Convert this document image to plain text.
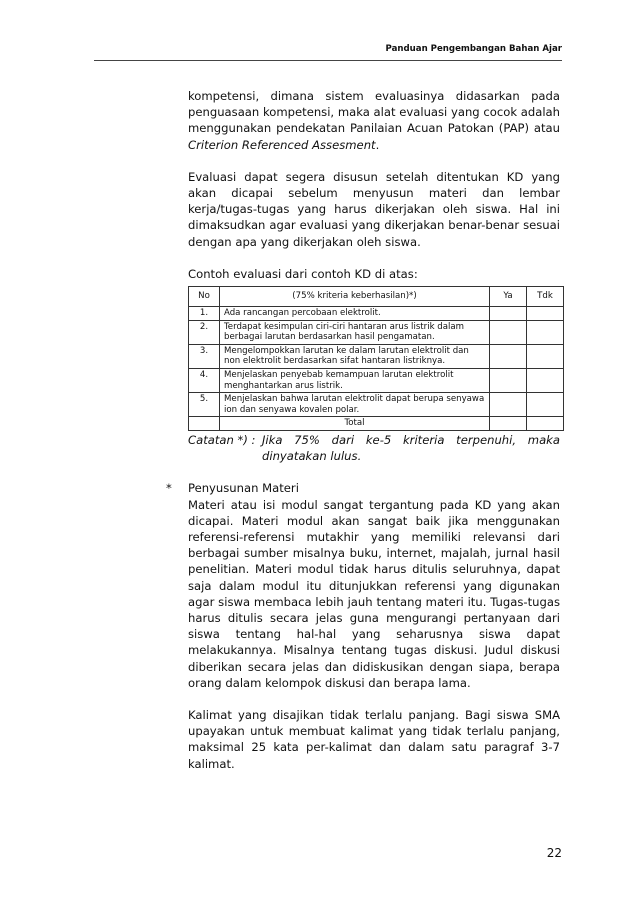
Panduan Pengembangan Bahan Ajar

kompetensi, dimana sistem evaluasinya didasarkan pada penguasaan kompetensi, maka alat evaluasi yang cocok adalah menggunakan pendekatan Panilaian Acuan Patokan (PAP) atau Criterion Referenced Assesment.

Evaluasi dapat segera disusun setelah ditentukan KD yang akan dicapai sebelum menyusun materi dan lembar kerja/tugas-tugas yang harus dikerjakan oleh siswa. Hal ini dimaksudkan agar evaluasi yang dikerjakan benar-benar sesuai dengan apa yang dikerjakan oleh siswa.

Contoh evaluasi dari contoh KD di atas:

No	(75% kriteria keberhasilan)*)	Ya	Tdk
1.	Ada rancangan percobaan elektrolit.		
2.	Terdapat kesimpulan ciri-ciri hantaran arus listrik dalam berbagai larutan berdasarkan hasil pengamatan.		
3.	Mengelompokkan larutan ke dalam larutan elektrolit dan non elektrolit berdasarkan sifat hantaran listriknya.		
4.	Menjelaskan penyebab kemampuan larutan elektrolit menghantarkan arus listrik.		
5.	Menjelaskan bahwa larutan elektrolit dapat berupa senyawa ion dan senyawa kovalen polar.		
	Total		
Catatan *) : Jika 75% dari ke-5 kriteria terpenuhi, maka dinyatakan lulus.
* Penyusunan Materi

Materi atau isi modul sangat tergantung pada KD yang akan dicapai. Materi modul akan sangat baik jika menggunakan referensi-referensi mutakhir yang memiliki relevansi dari berbagai sumber misalnya buku, internet, majalah, jurnal hasil penelitian. Materi modul tidak harus ditulis seluruhnya, dapat saja dalam modul itu ditunjukkan referensi yang digunakan agar siswa membaca lebih jauh tentang materi itu. Tugas-tugas harus ditulis secara jelas guna mengurangi pertanyaan dari siswa tentang hal-hal yang seharusnya siswa dapat melakukannya. Misalnya tentang tugas diskusi. Judul diskusi diberikan secara jelas dan didiskusikan dengan siapa, berapa orang dalam kelompok diskusi dan berapa lama.

Kalimat yang disajikan tidak terlalu panjang. Bagi siswa SMA upayakan untuk membuat kalimat yang tidak terlalu panjang, maksimal 25 kata per-kalimat dan dalam satu paragraf 3-7 kalimat.

22
